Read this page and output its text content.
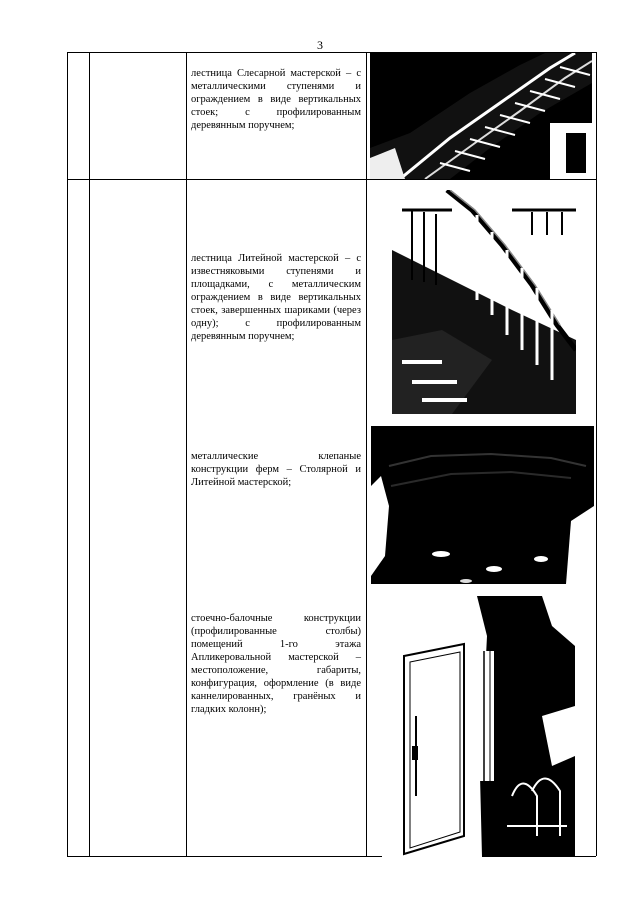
3
лестница Слесарной мастерской – с металлическими ступенями и ограждением в виде вертикальных стоек; с профилированным деревянным поручнем;
лестница Литейной мастерской – с известняковыми ступенями и площадками, с металлическим ограждением в виде вертикальных стоек, завершенных шариками (через одну); с профилированным деревянным поручнем;
металлические клепаные конструкции ферм – Столярной и Литейной мастерской;
стоечно-балочные конструкции (профилированные столбы) помещений 1-го этажа Апликеровальной мастерской – местоположение, габариты, конфигурация, оформление (в виде каннелированных, гранёных и гладких колонн);
